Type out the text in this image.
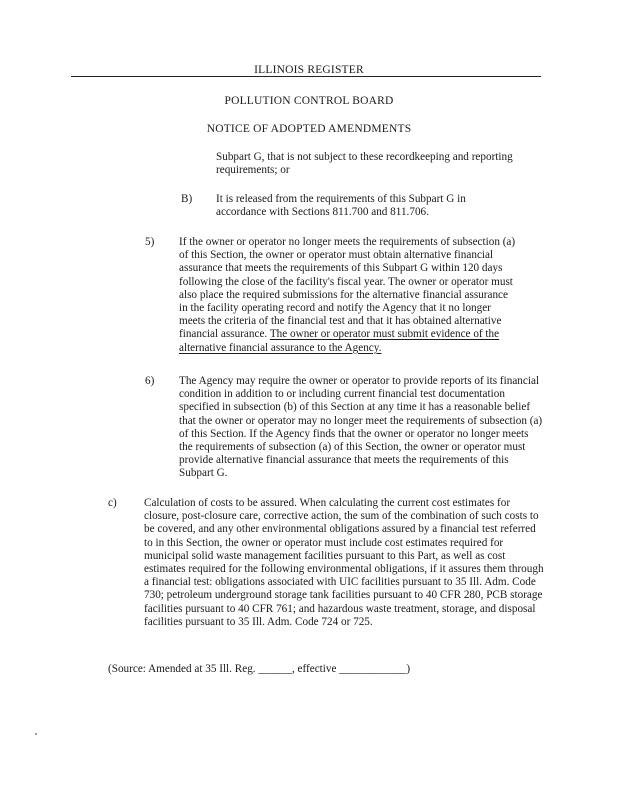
ILLINOIS REGISTER
POLLUTION CONTROL BOARD
NOTICE OF ADOPTED AMENDMENTS
Subpart G, that is not subject to these recordkeeping and reporting requirements; or
B) It is released from the requirements of this Subpart G in accordance with Sections 811.700 and 811.706.
5) If the owner or operator no longer meets the requirements of subsection (a) of this Section, the owner or operator must obtain alternative financial assurance that meets the requirements of this Subpart G within 120 days following the close of the facility's fiscal year. The owner or operator must also place the required submissions for the alternative financial assurance in the facility operating record and notify the Agency that it no longer meets the criteria of the financial test and that it has obtained alternative financial assurance. The owner or operator must submit evidence of the alternative financial assurance to the Agency.
6) The Agency may require the owner or operator to provide reports of its financial condition in addition to or including current financial test documentation specified in subsection (b) of this Section at any time it has a reasonable belief that the owner or operator may no longer meet the requirements of subsection (a) of this Section. If the Agency finds that the owner or operator no longer meets the requirements of subsection (a) of this Section, the owner or operator must provide alternative financial assurance that meets the requirements of this Subpart G.
c) Calculation of costs to be assured. When calculating the current cost estimates for closure, post-closure care, corrective action, the sum of the combination of such costs to be covered, and any other environmental obligations assured by a financial test referred to in this Section, the owner or operator must include cost estimates required for municipal solid waste management facilities pursuant to this Part, as well as cost estimates required for the following environmental obligations, if it assures them through a financial test: obligations associated with UIC facilities pursuant to 35 Ill. Adm. Code 730; petroleum underground storage tank facilities pursuant to 40 CFR 280, PCB storage facilities pursuant to 40 CFR 761; and hazardous waste treatment, storage, and disposal facilities pursuant to 35 Ill. Adm. Code 724 or 725.
(Source: Amended at 35 Ill. Reg. ______, effective ____________)
